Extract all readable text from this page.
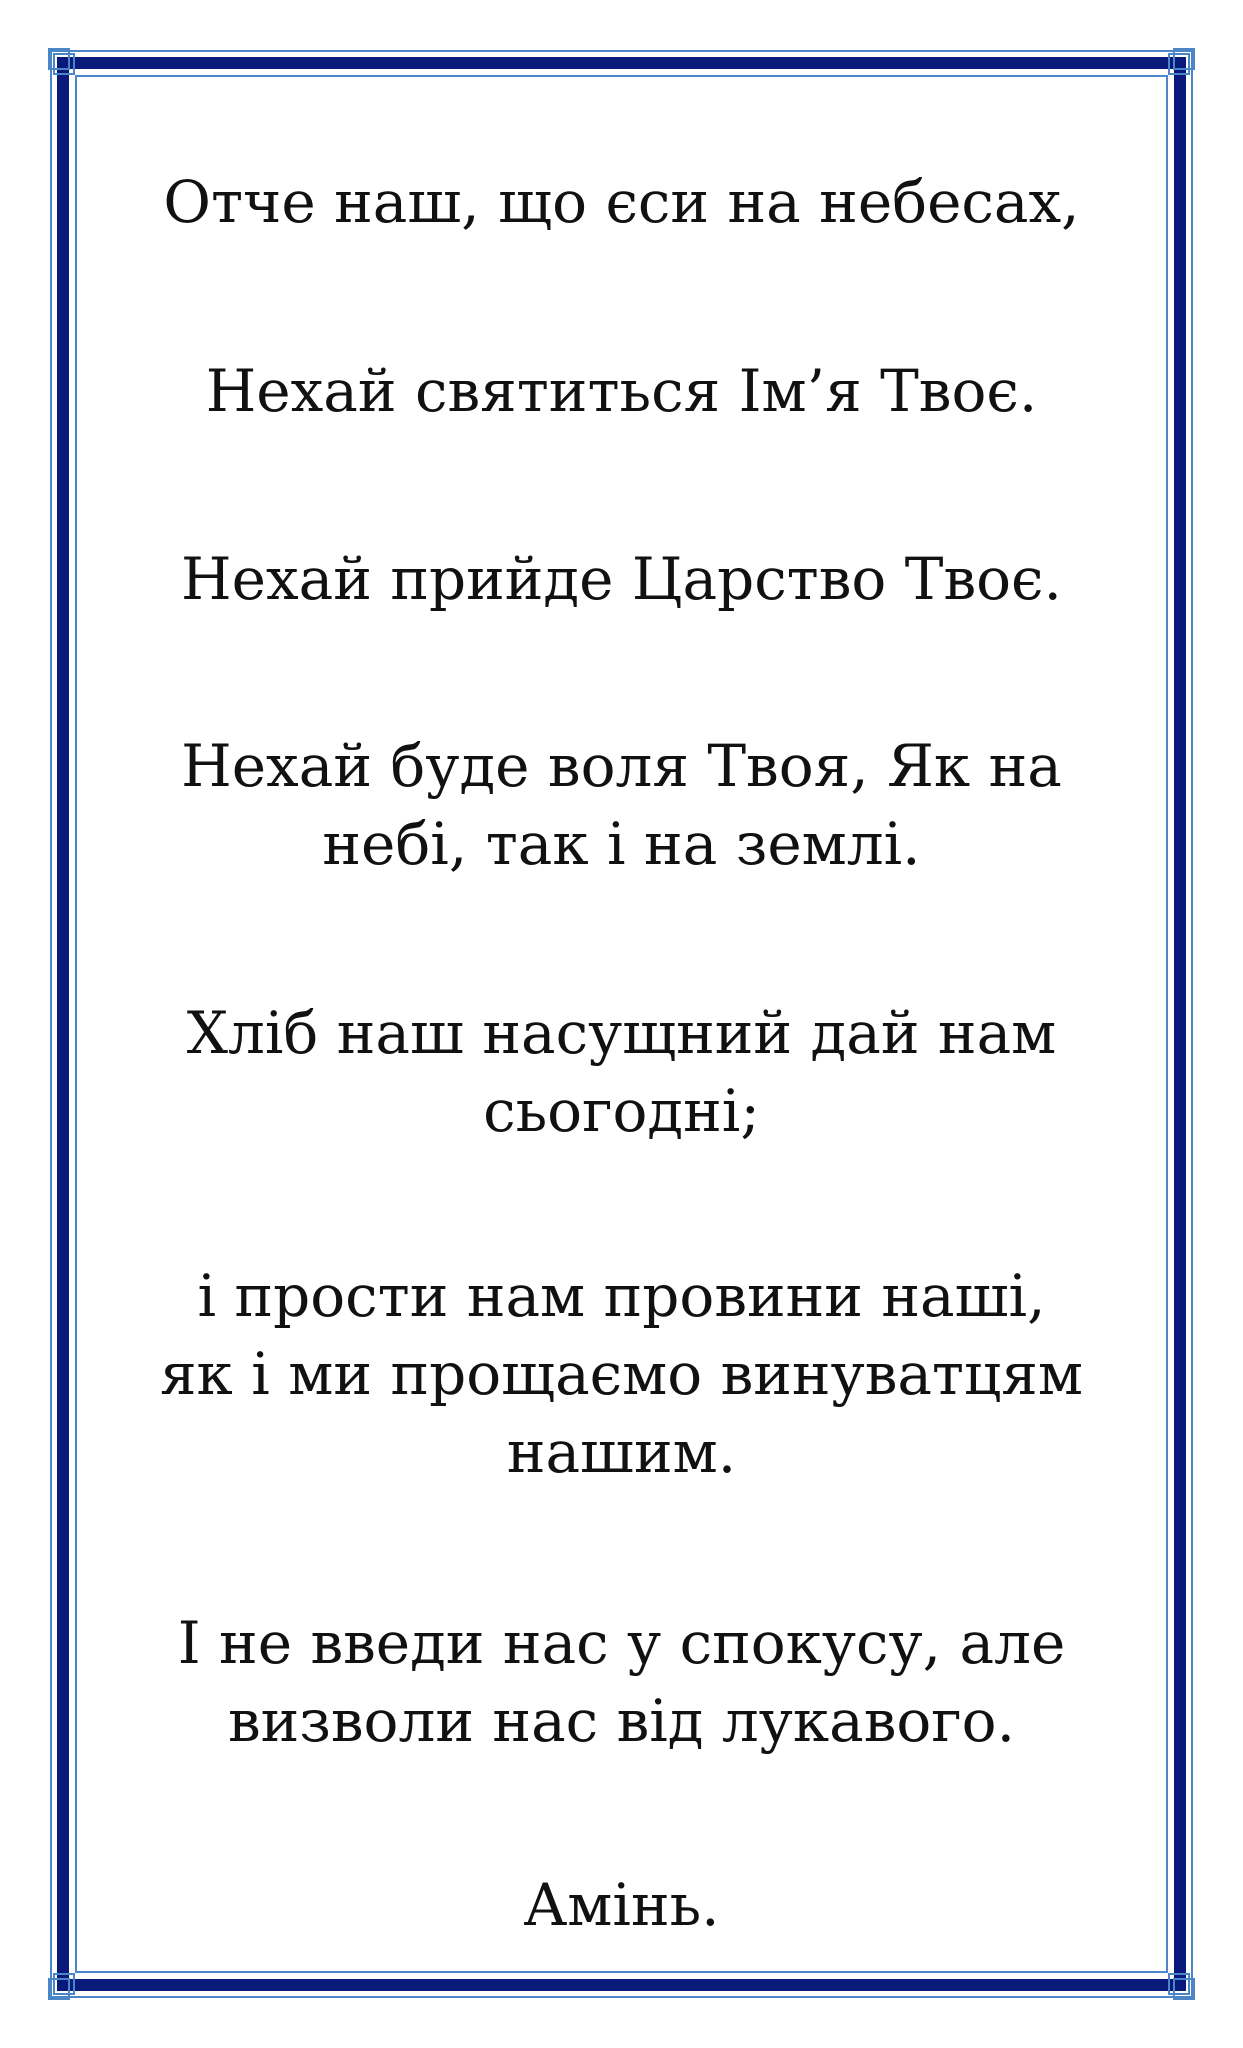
Отче наш, що єси на небесах,

Нехай святиться Ім’я Твоє.

Нехай прийде Царство Твоє.

Нехай буде воля Твоя, Як на
небі, так і на землі.

Хліб наш насущний дай нам
сьогодні;

і прости нам провини наші,
як і ми прощаємо винуватцям
нашим.

І не введи нас у спокусу, але
визволи нас від лукавого.

Амінь.
